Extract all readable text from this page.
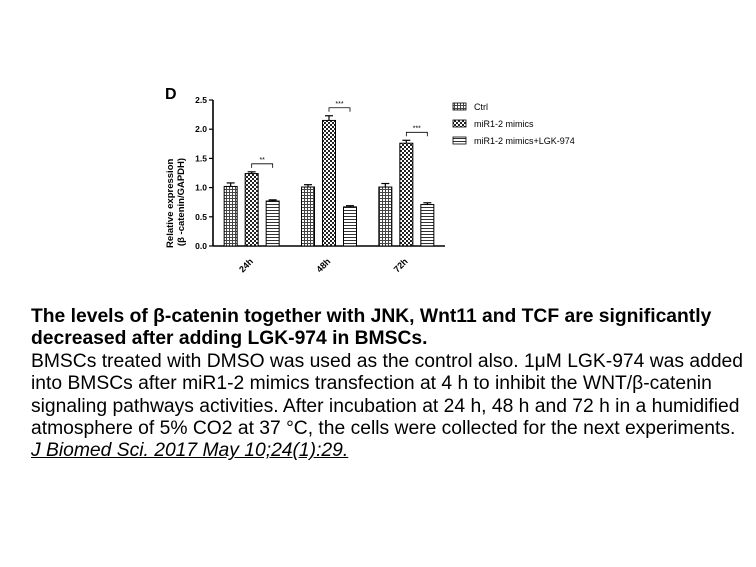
D
Relative expression (β -catenin/GAPDH) 0.0
0.5
1.0
1.5
2.0
2.5
**
24h
***
48h
***
72h
Ctrl
miR1-2 mimics
miR1-2 mimics+LGK-974
The levels of β-catenin together with JNK, Wnt11 and TCF are significantly decreased after adding LGK-974 in BMSCs.
BMSCs treated with DMSO was used as the control also. 1μM LGK-974 was added into BMSCs after miR1-2 mimics transfection at 4 h to inhibit the WNT/β-catenin signaling pathways activities. After incubation at 24 h, 48 h and 72 h in a humidified atmosphere of 5% CO2 at 37 °C, the cells were collected for the next experiments. J Biomed Sci. 2017 May 10;24(1):29.
